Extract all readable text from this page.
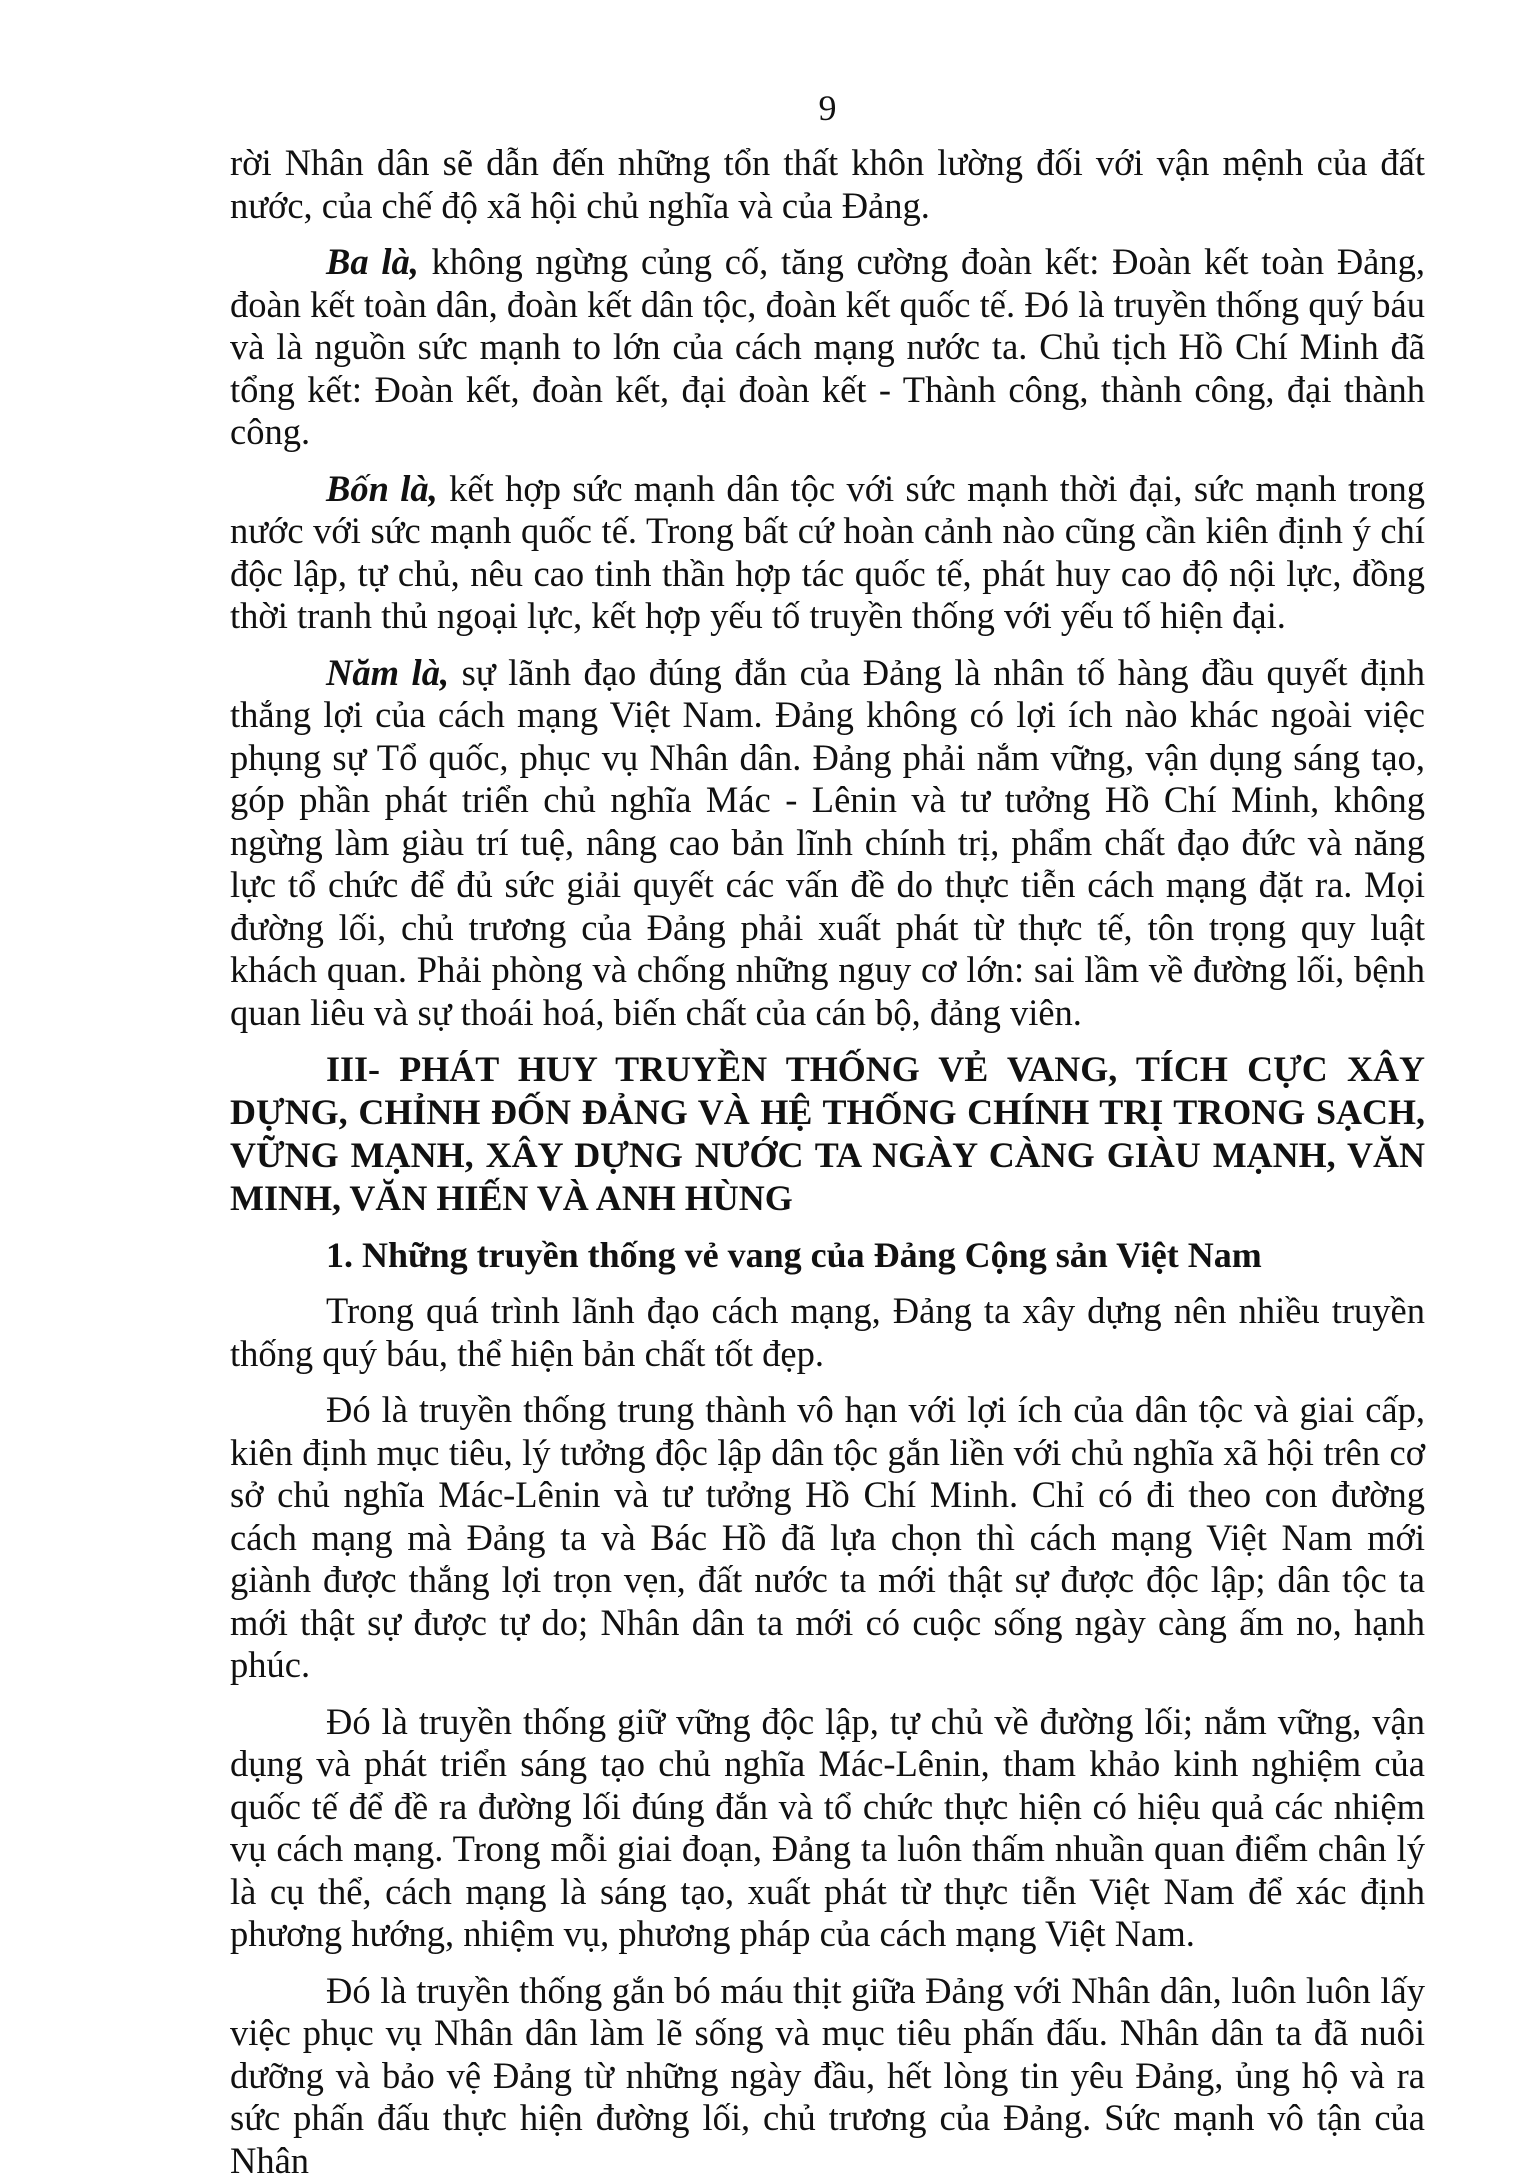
9

rời Nhân dân sẽ dẫn đến những tổn thất khôn lường đối với vận mệnh của đất nước, của chế độ xã hội chủ nghĩa và của Đảng.

Ba là, không ngừng củng cố, tăng cường đoàn kết: Đoàn kết toàn Đảng, đoàn kết toàn dân, đoàn kết dân tộc, đoàn kết quốc tế. Đó là truyền thống quý báu và là nguồn sức mạnh to lớn của cách mạng nước ta. Chủ tịch Hồ Chí Minh đã tổng kết: Đoàn kết, đoàn kết, đại đoàn kết - Thành công, thành công, đại thành công.

Bốn là, kết hợp sức mạnh dân tộc với sức mạnh thời đại, sức mạnh trong nước với sức mạnh quốc tế. Trong bất cứ hoàn cảnh nào cũng cần kiên định ý chí độc lập, tự chủ, nêu cao tinh thần hợp tác quốc tế, phát huy cao độ nội lực, đồng thời tranh thủ ngoại lực, kết hợp yếu tố truyền thống với yếu tố hiện đại.

Năm là, sự lãnh đạo đúng đắn của Đảng là nhân tố hàng đầu quyết định thắng lợi của cách mạng Việt Nam. Đảng không có lợi ích nào khác ngoài việc phụng sự Tổ quốc, phục vụ Nhân dân. Đảng phải nắm vững, vận dụng sáng tạo, góp phần phát triển chủ nghĩa Mác - Lênin và tư tưởng Hồ Chí Minh, không ngừng làm giàu trí tuệ, nâng cao bản lĩnh chính trị, phẩm chất đạo đức và năng lực tổ chức để đủ sức giải quyết các vấn đề do thực tiễn cách mạng đặt ra. Mọi đường lối, chủ trương của Đảng phải xuất phát từ thực tế, tôn trọng quy luật khách quan. Phải phòng và chống những nguy cơ lớn: sai lầm về đường lối, bệnh quan liêu và sự thoái hoá, biến chất của cán bộ, đảng viên.

III- PHÁT HUY TRUYỀN THỐNG VẺ VANG, TÍCH CỰC XÂY DỰNG, CHỈNH ĐỐN ĐẢNG VÀ HỆ THỐNG CHÍNH TRỊ TRONG SẠCH, VỮNG MẠNH, XÂY DỰNG NƯỚC TA NGÀY CÀNG GIÀU MẠNH, VĂN MINH, VĂN HIẾN VÀ ANH HÙNG
1. Những truyền thống vẻ vang của Đảng Cộng sản Việt Nam

Trong quá trình lãnh đạo cách mạng, Đảng ta xây dựng nên nhiều truyền thống quý báu, thể hiện bản chất tốt đẹp.

Đó là truyền thống trung thành vô hạn với lợi ích của dân tộc và giai cấp, kiên định mục tiêu, lý tưởng độc lập dân tộc gắn liền với chủ nghĩa xã hội trên cơ sở chủ nghĩa Mác-Lênin và tư tưởng Hồ Chí Minh. Chỉ có đi theo con đường cách mạng mà Đảng ta và Bác Hồ đã lựa chọn thì cách mạng Việt Nam mới giành được thắng lợi trọn vẹn, đất nước ta mới thật sự được độc lập; dân tộc ta mới thật sự được tự do; Nhân dân ta mới có cuộc sống ngày càng ấm no, hạnh phúc.

Đó là truyền thống giữ vững độc lập, tự chủ về đường lối; nắm vững, vận dụng và phát triển sáng tạo chủ nghĩa Mác-Lênin, tham khảo kinh nghiệm của quốc tế để đề ra đường lối đúng đắn và tổ chức thực hiện có hiệu quả các nhiệm vụ cách mạng. Trong mỗi giai đoạn, Đảng ta luôn thấm nhuần quan điểm chân lý là cụ thể, cách mạng là sáng tạo, xuất phát từ thực tiễn Việt Nam để xác định phương hướng, nhiệm vụ, phương pháp của cách mạng Việt Nam.

Đó là truyền thống gắn bó máu thịt giữa Đảng với Nhân dân, luôn luôn lấy việc phục vụ Nhân dân làm lẽ sống và mục tiêu phấn đấu. Nhân dân ta đã nuôi dưỡng và bảo vệ Đảng từ những ngày đầu, hết lòng tin yêu Đảng, ủng hộ và ra sức phấn đấu thực hiện đường lối, chủ trương của Đảng. Sức mạnh vô tận của Nhân
